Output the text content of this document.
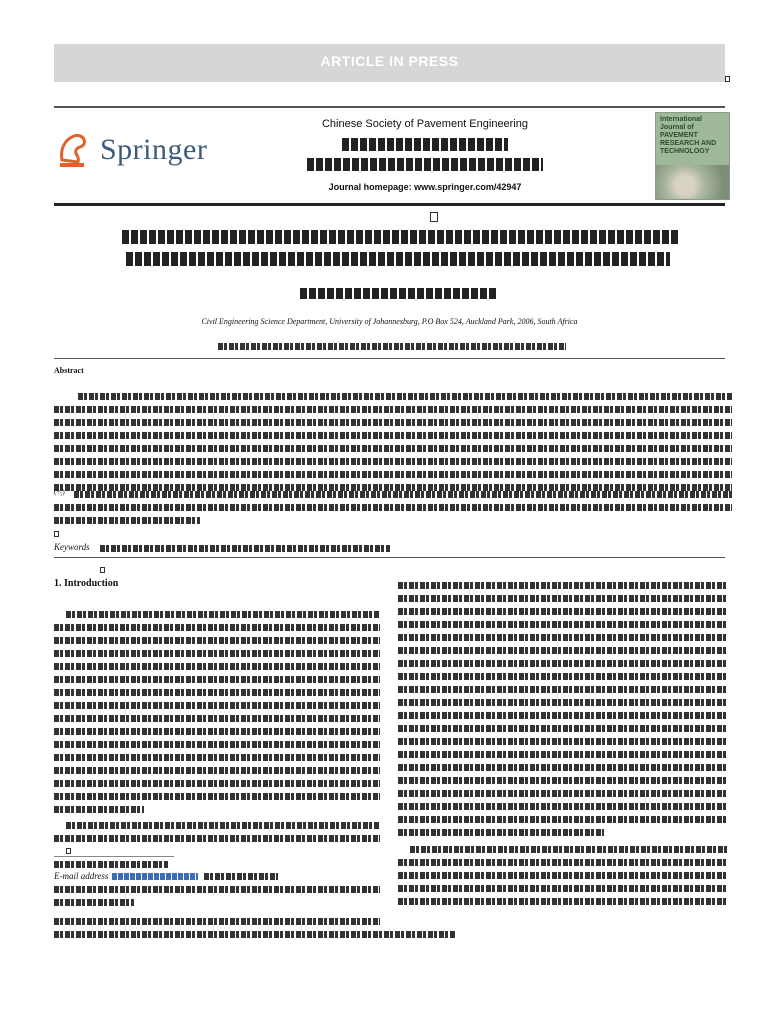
ARTICLE IN PRESS
Springer
Chinese Society of Pavement Engineering
Journal homepage: www.springer.com/42947
International Journal of PAVEMENT RESEARCH AND TECHNOLOGY
Civil Engineering Science Department, University of Johannesburg, P.O Box 524, Auckland Park, 2006, South Africa
Abstract
(⁴⁄₅)
Keywords
1. Introduction
E-mail address
